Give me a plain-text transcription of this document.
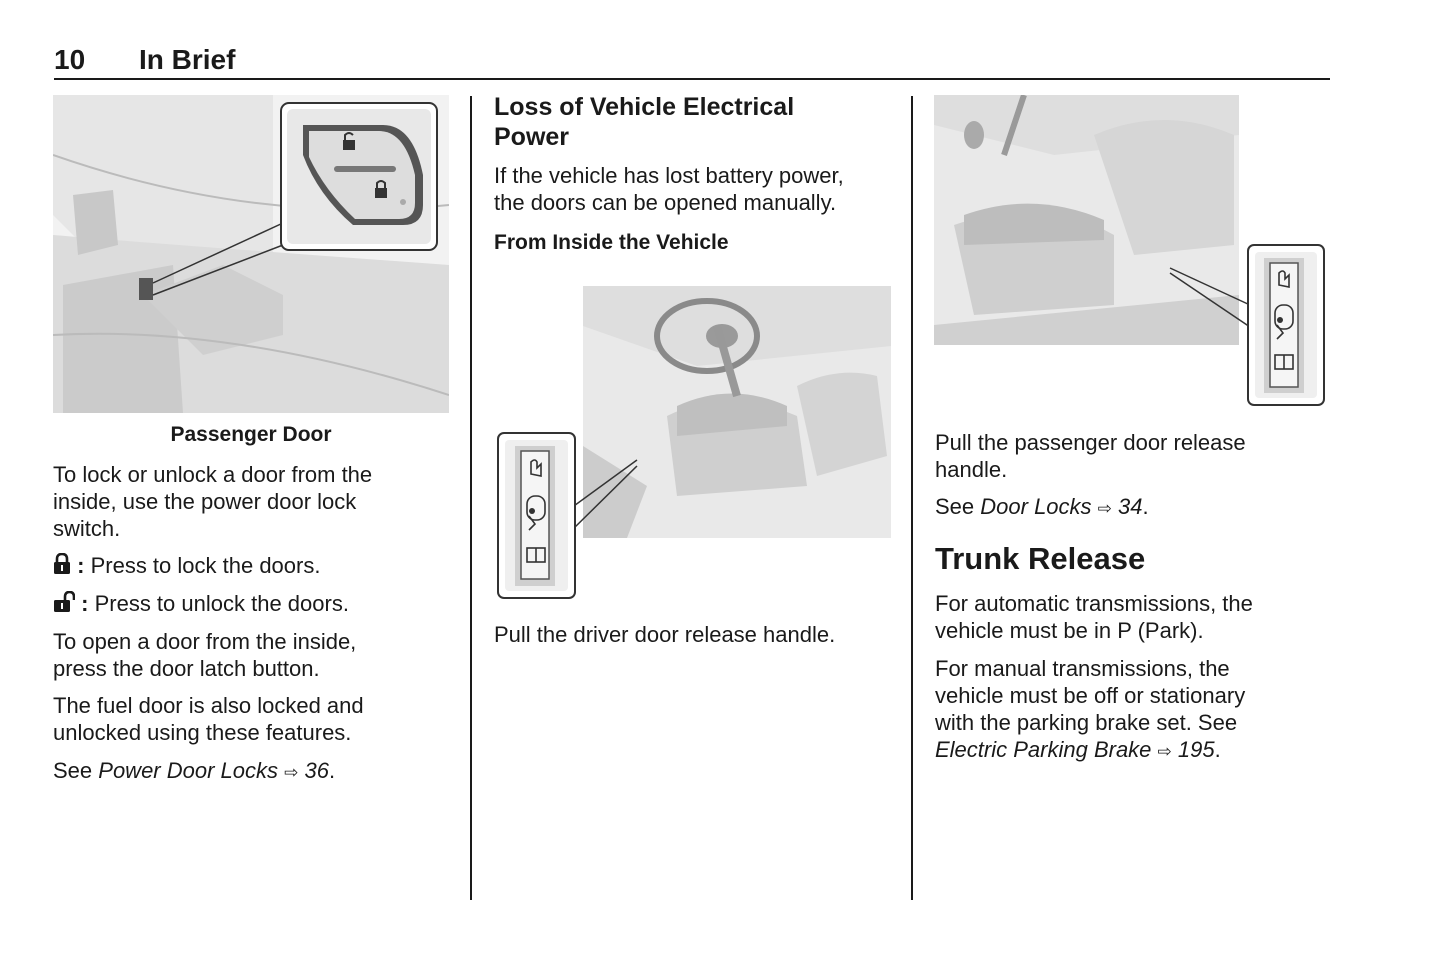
10 In Brief
Passenger Door
To lock or unlock a door from the
inside, use the power door lock
switch.
: Press to lock the doors.
: Press to unlock the doors.
To open a door from the inside,
press the door latch button.
The fuel door is also locked and
unlocked using these features.
See Power Door Locks ⇨ 36.
Loss of Vehicle Electrical
Power
If the vehicle has lost battery power,
the doors can be opened manually.
From Inside the Vehicle
Pull the driver door release handle.
Pull the passenger door release
handle.
See Door Locks ⇨ 34.
Trunk Release
For automatic transmissions, the
vehicle must be in P (Park).
For manual transmissions, the
vehicle must be off or stationary
with the parking brake set. See
Electric Parking Brake ⇨ 195.
